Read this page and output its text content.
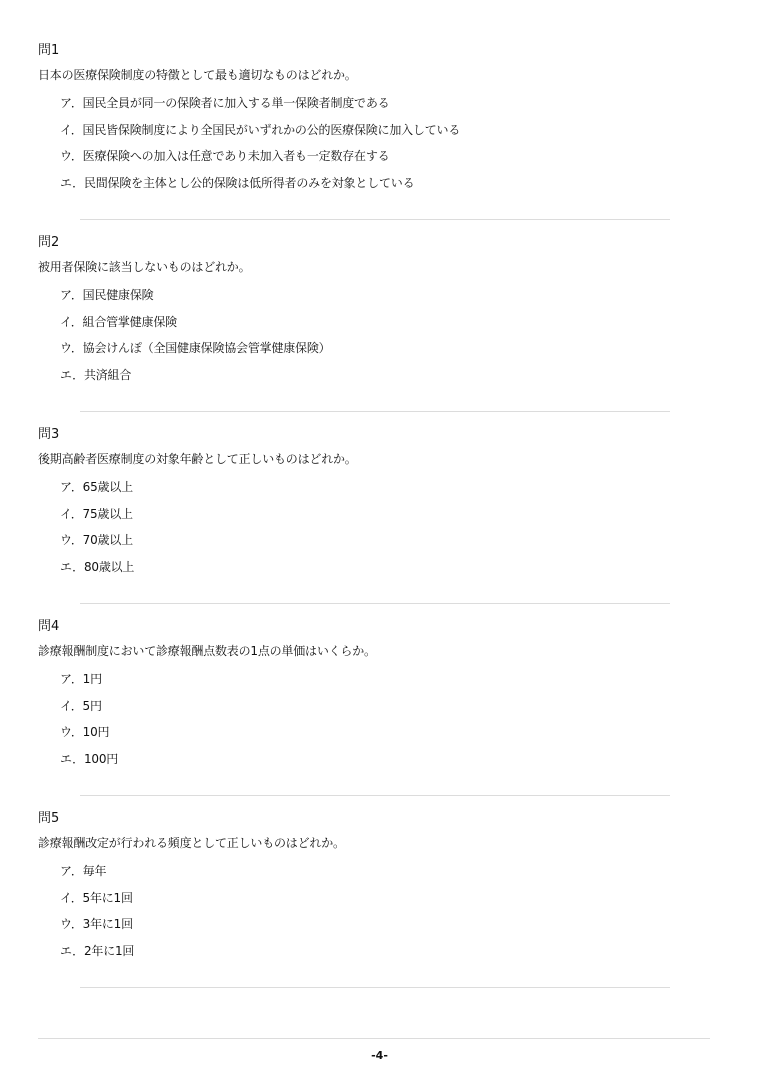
問1
日本の医療保険制度の特徴として最も適切なものはどれか。
ア．国民全員が同一の保険者に加入する単一保険者制度である
イ．国民皆保険制度により全国民がいずれかの公的医療保険に加入している
ウ．医療保険への加入は任意であり未加入者も一定数存在する
エ．民間保険を主体とし公的保険は低所得者のみを対象としている
問2
被用者保険に該当しないものはどれか。
ア．国民健康保険
イ．組合管掌健康保険
ウ．協会けんぽ（全国健康保険協会管掌健康保険）
エ．共済組合
問3
後期高齢者医療制度の対象年齢として正しいものはどれか。
ア．65歳以上
イ．75歳以上
ウ．70歳以上
エ．80歳以上
問4
診療報酬制度において診療報酬点数表の1点の単価はいくらか。
ア．1円
イ．5円
ウ．10円
エ．100円
問5
診療報酬改定が行われる頻度として正しいものはどれか。
ア．毎年
イ．5年に1回
ウ．3年に1回
エ．2年に1回
-4-
